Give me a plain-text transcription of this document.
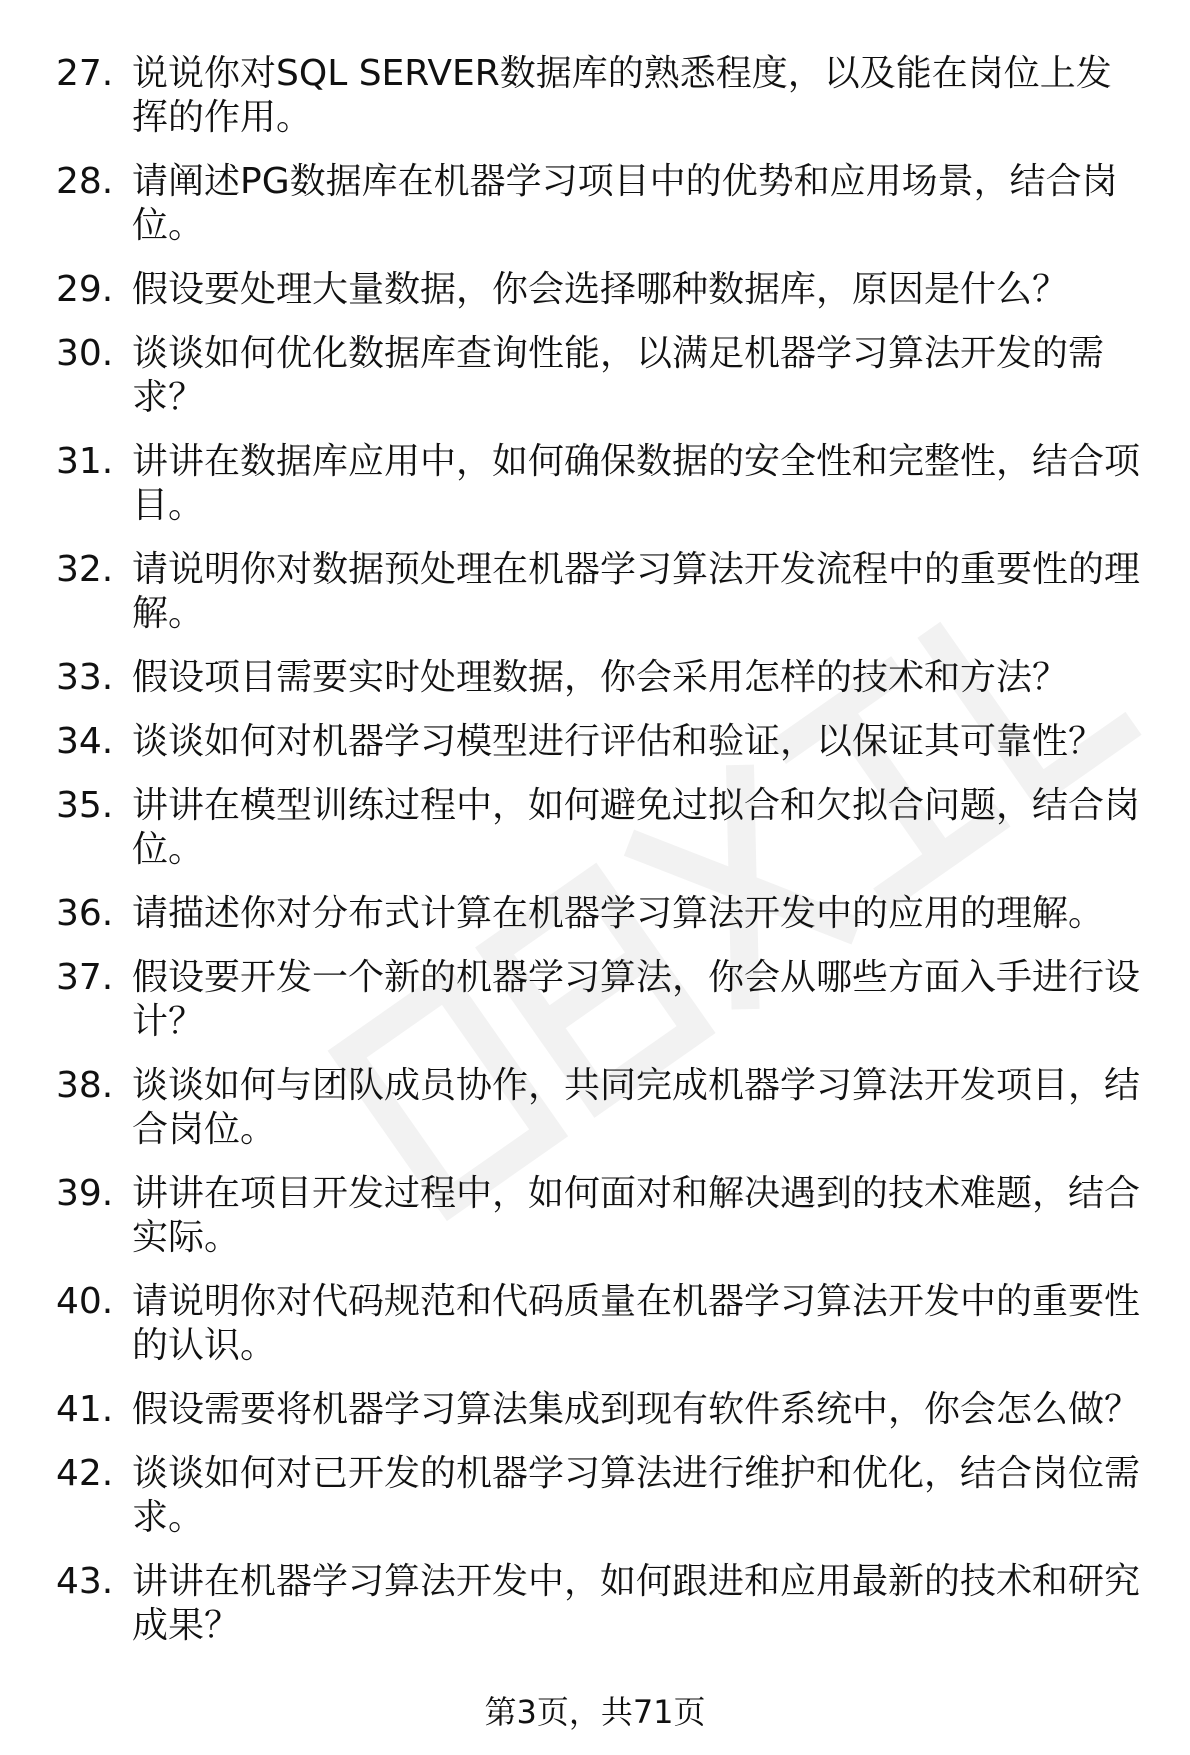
27. 说说你对SQL SERVER数据库的熟悉程度，以及能在岗位上发挥的作用。
28. 请阐述PG数据库在机器学习项目中的优势和应用场景，结合岗位。
29. 假设要处理大量数据，你会选择哪种数据库，原因是什么？
30. 谈谈如何优化数据库查询性能，以满足机器学习算法开发的需求？
31. 讲讲在数据库应用中，如何确保数据的安全性和完整性，结合项目。
32. 请说明你对数据预处理在机器学习算法开发流程中的重要性的理解。
33. 假设项目需要实时处理数据，你会采用怎样的技术和方法？
34. 谈谈如何对机器学习模型进行评估和验证，以保证其可靠性？
35. 讲讲在模型训练过程中，如何避免过拟合和欠拟合问题，结合岗位。
36. 请描述你对分布式计算在机器学习算法开发中的应用的理解。
37. 假设要开发一个新的机器学习算法，你会从哪些方面入手进行设计？
38. 谈谈如何与团队成员协作，共同完成机器学习算法开发项目，结合岗位。
39. 讲讲在项目开发过程中，如何面对和解决遇到的技术难题，结合实际。
40. 请说明你对代码规范和代码质量在机器学习算法开发中的重要性的认识。
41. 假设需要将机器学习算法集成到现有软件系统中，你会怎么做？
42. 谈谈如何对已开发的机器学习算法进行维护和优化，结合岗位需求。
43. 讲讲在机器学习算法开发中，如何跟进和应用最新的技术和研究成果？
第3页，共71页
